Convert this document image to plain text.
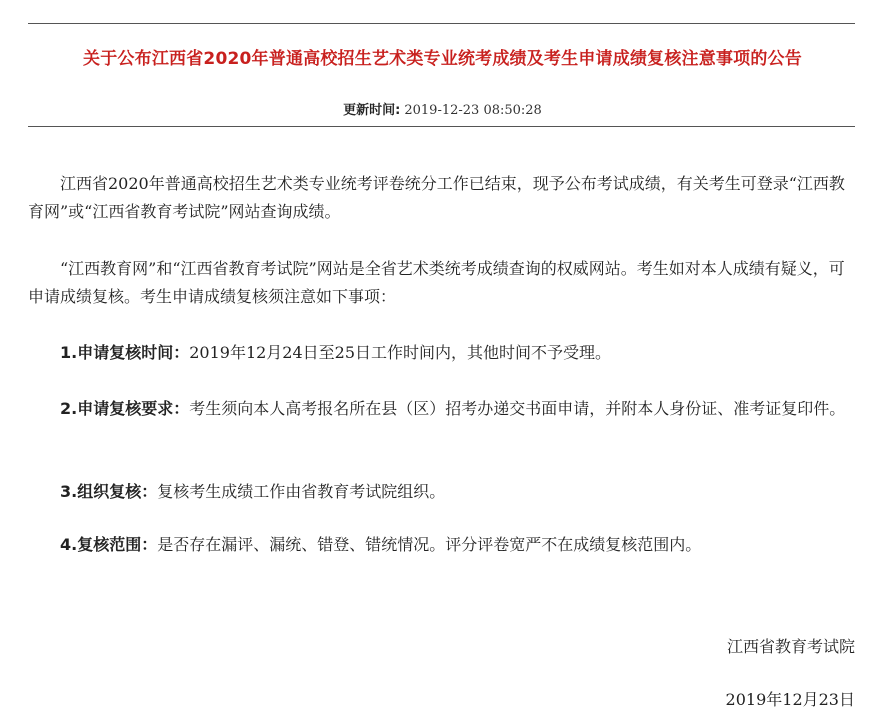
关于公布江西省2020年普通高校招生艺术类专业统考成绩及考生申请成绩复核注意事项的公告
更新时间: 2019-12-23 08:50:28

江西省2020年普通高校招生艺术类专业统考评卷统分工作已结束，现予公布考试成绩，有关考生可登录“江西教育网”或“江西省教育考试院”网站查询成绩。

“江西教育网”和“江西省教育考试院”网站是全省艺术类统考成绩查询的权威网站。考生如对本人成绩有疑义，可申请成绩复核。考生申请成绩复核须注意如下事项：

1.申请复核时间：2019年12月24日至25日工作时间内，其他时间不予受理。

2.申请复核要求：考生须向本人高考报名所在县（区）招考办递交书面申请，并附本人身份证、准考证复印件。

3.组织复核：复核考生成绩工作由省教育考试院组织。

4.复核范围：是否存在漏评、漏统、错登、错统情况。评分评卷宽严不在成绩复核范围内。

江西省教育考试院
2019年12月23日
